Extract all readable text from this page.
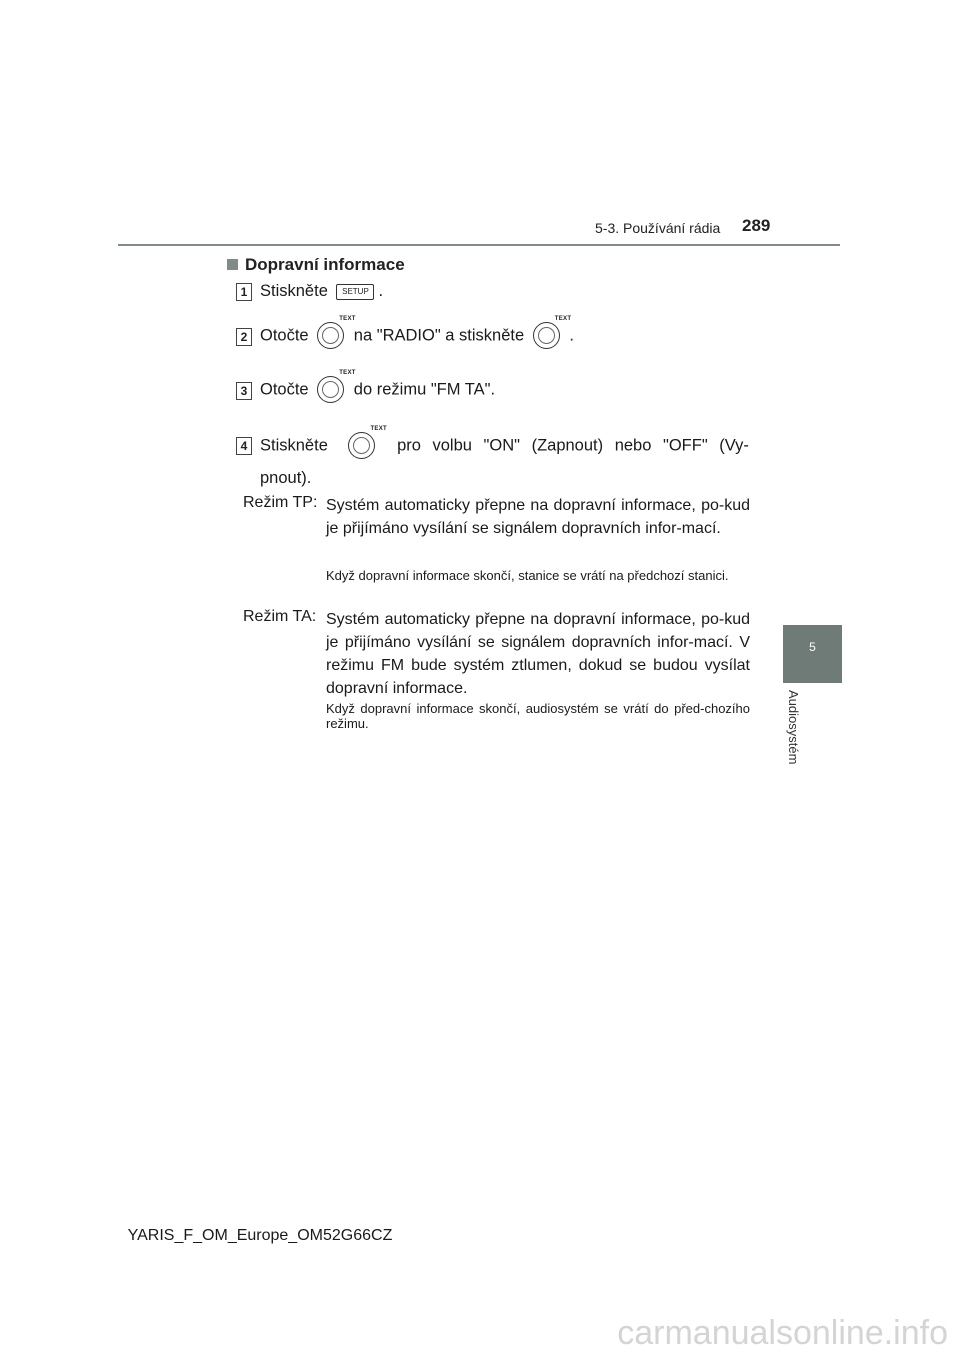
5-3. Používání rádia 289
5
Audiosystém
Dopravní informace
1 Stiskněte SETUP .
2 Otočte
TEXT
na "RADIO" a stiskněte
TEXT
.
3 Otočte
TEXT
do režimu "FM TA".
4 Stiskněte
TEXT
pro volbu "ON" (Zapnout) nebo "OFF" (Vy-
pnout).
Režim TP: Systém automaticky přepne na dopravní informace, po-kud je přijímáno vysílání se signálem dopravních infor-mací.
Když dopravní informace skončí, stanice se vrátí na předchozí stanici.
Režim TA: Systém automaticky přepne na dopravní informace, po-kud je přijímáno vysílání se signálem dopravních infor-mací. V režimu FM bude systém ztlumen, dokud se budou vysílat dopravní informace.
Když dopravní informace skončí, audiosystém se vrátí do před-chozího režimu.
YARIS_F_OM_Europe_OM52G66CZ
carmanualsonline.info
